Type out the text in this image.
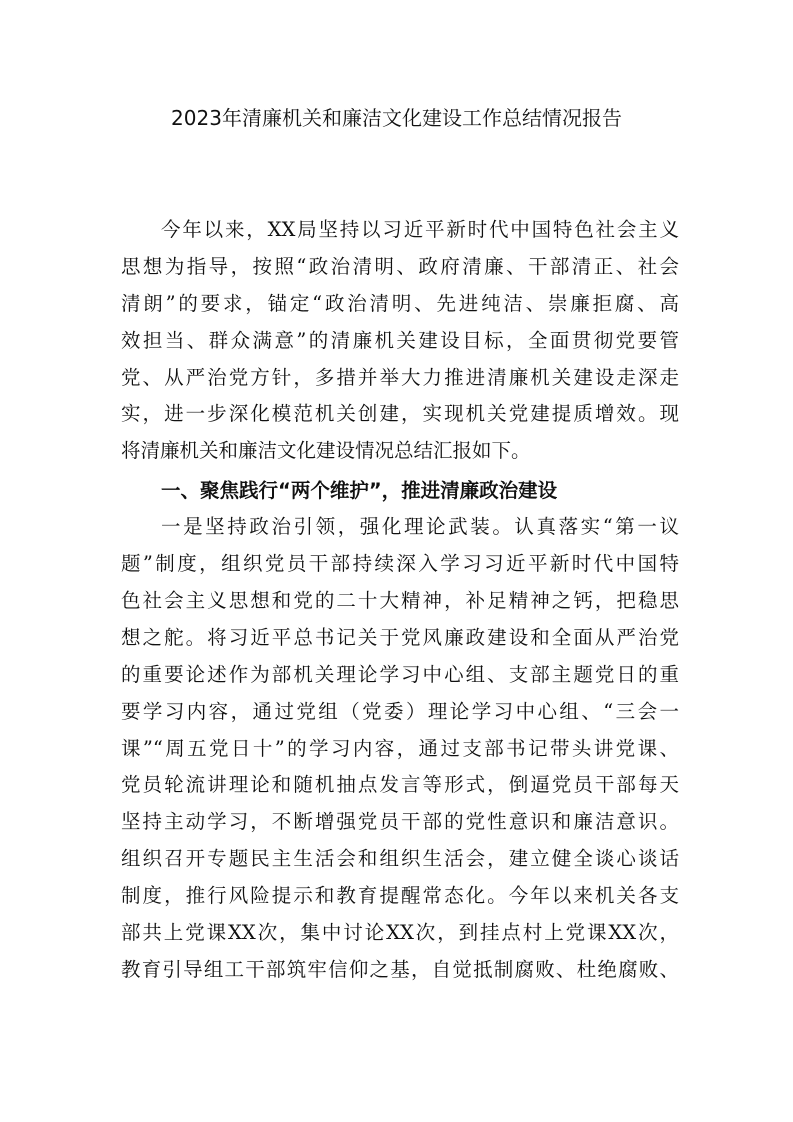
2023年清廉机关和廉洁文化建设工作总结情况报告
今年以来，XX局坚持以习近平新时代中国特色社会主义
思想为指导，按照“政治清明、政府清廉、干部清正、社会
清朗”的要求，锚定“政治清明、先进纯洁、崇廉拒腐、高
效担当、群众满意”的清廉机关建设目标，全面贯彻党要管
党、从严治党方针，多措并举大力推进清廉机关建设走深走
实，进一步深化模范机关创建，实现机关党建提质增效。现
将清廉机关和廉洁文化建设情况总结汇报如下。
一、聚焦践行“两个维护”，推进清廉政治建设
一是坚持政治引领，强化理论武装。认真落实“第一议
题”制度，组织党员干部持续深入学习习近平新时代中国特
色社会主义思想和党的二十大精神，补足精神之钙，把稳思
想之舵。将习近平总书记关于党风廉政建设和全面从严治党
的重要论述作为部机关理论学习中心组、支部主题党日的重
要学习内容，通过党组（党委）理论学习中心组、“三会一
课”“周五党日十”的学习内容，通过支部书记带头讲党课、
党员轮流讲理论和随机抽点发言等形式，倒逼党员干部每天
坚持主动学习，不断增强党员干部的党性意识和廉洁意识。
组织召开专题民主生活会和组织生活会，建立健全谈心谈话
制度，推行风险提示和教育提醒常态化。今年以来机关各支
部共上党课XX次，集中讨论XX次，到挂点村上党课XX次，
教育引导组工干部筑牢信仰之基，自觉抵制腐败、杜绝腐败、
